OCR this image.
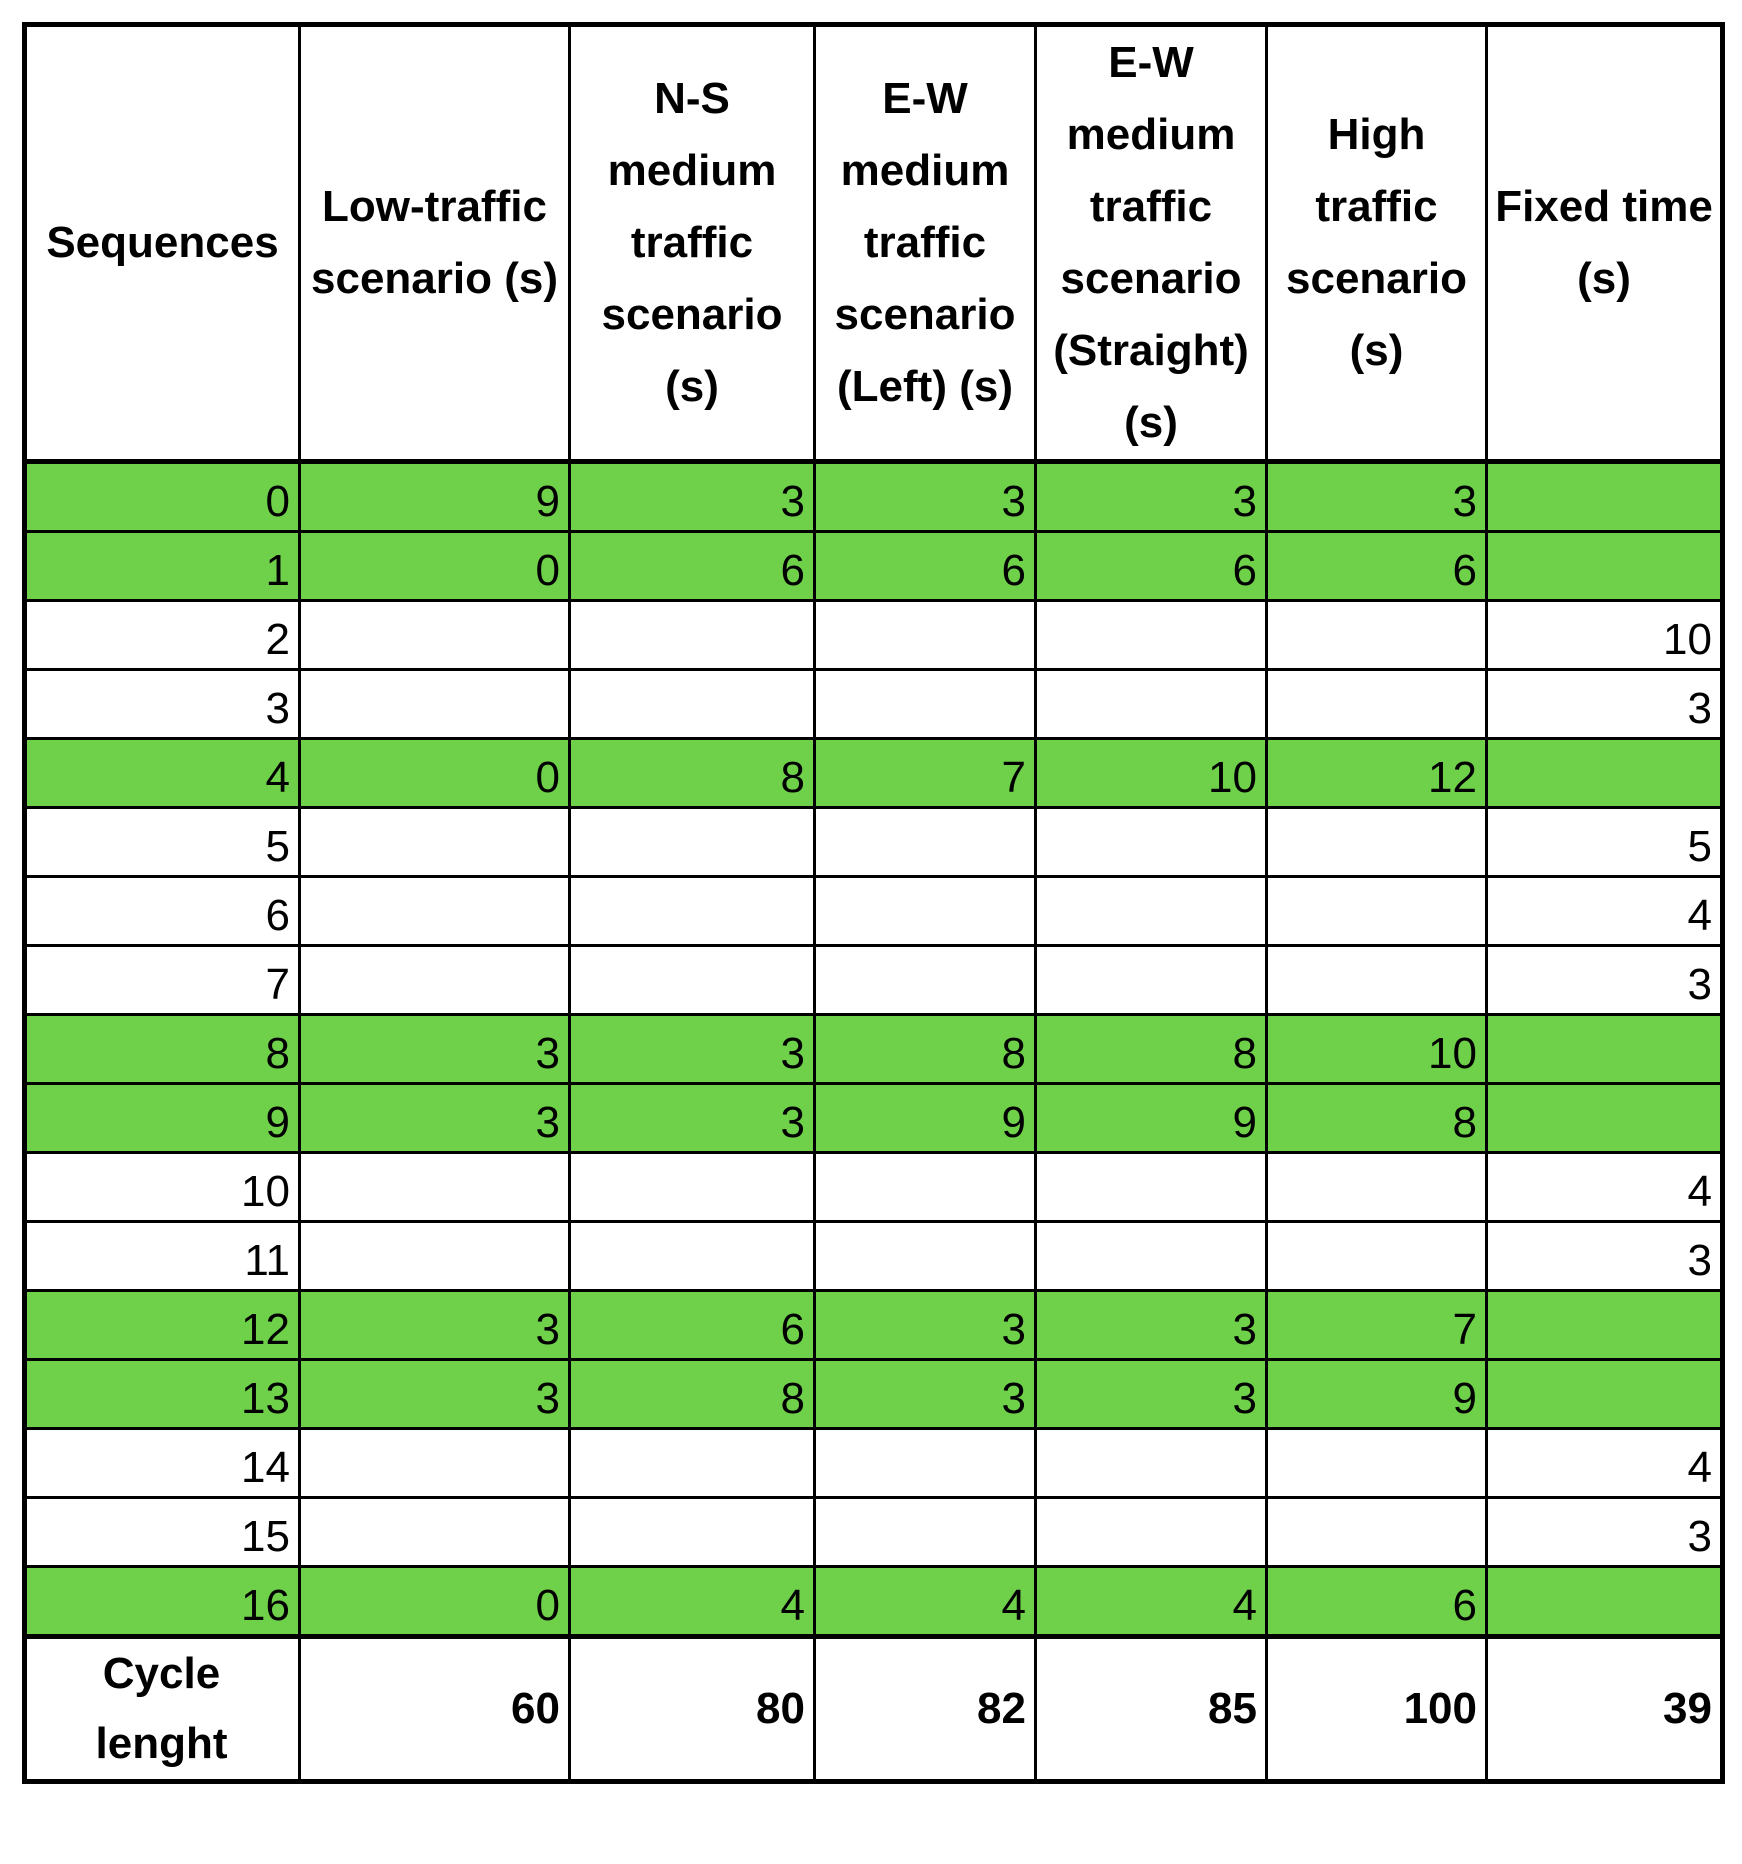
Sequences	Low-traffic scenario (s)	N-S medium traffic scenario (s)	E-W medium traffic scenario (Left) (s)	E-W medium traffic scenario (Straight) (s)	High traffic scenario (s)	Fixed time (s)
0	9	3	3	3	3	
1	0	6	6	6	6	
2						10
3						3
4	0	8	7	10	12	
5						5
6						4
7						3
8	3	3	8	8	10	
9	3	3	9	9	8	
10						4
11						3
12	3	6	3	3	7	
13	3	8	3	3	9	
14						4
15						3
16	0	4	4	4	6	
Cycle lenght	60	80	82	85	100	39
